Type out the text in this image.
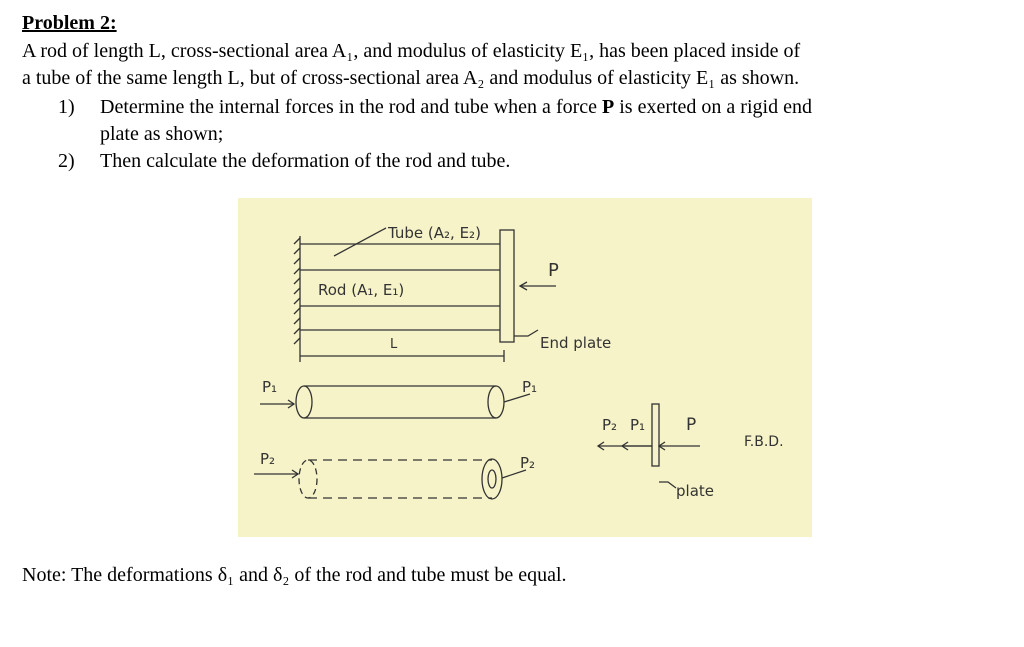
Problem 2:
A rod of length L, cross-sectional area A₁, and modulus of elasticity E₁, has been placed inside of
a tube of the same length L, but of cross-sectional area A₂ and modulus of elasticity E₁ as shown.
1)	Determine the internal forces in the rod and tube when a force P is exerted on a rigid end
plate as shown;
2)	Then calculate the deformation of the rod and tube.
Tube (A₂, E₂)
Rod (A₁, E₁)
P
L	End plate
P₁	P₁
P₂	P₂
P₂ P₁ P
plate
F.B.D.
Note: The deformations δ₁ and δ₂ of the rod and tube must be equal.
